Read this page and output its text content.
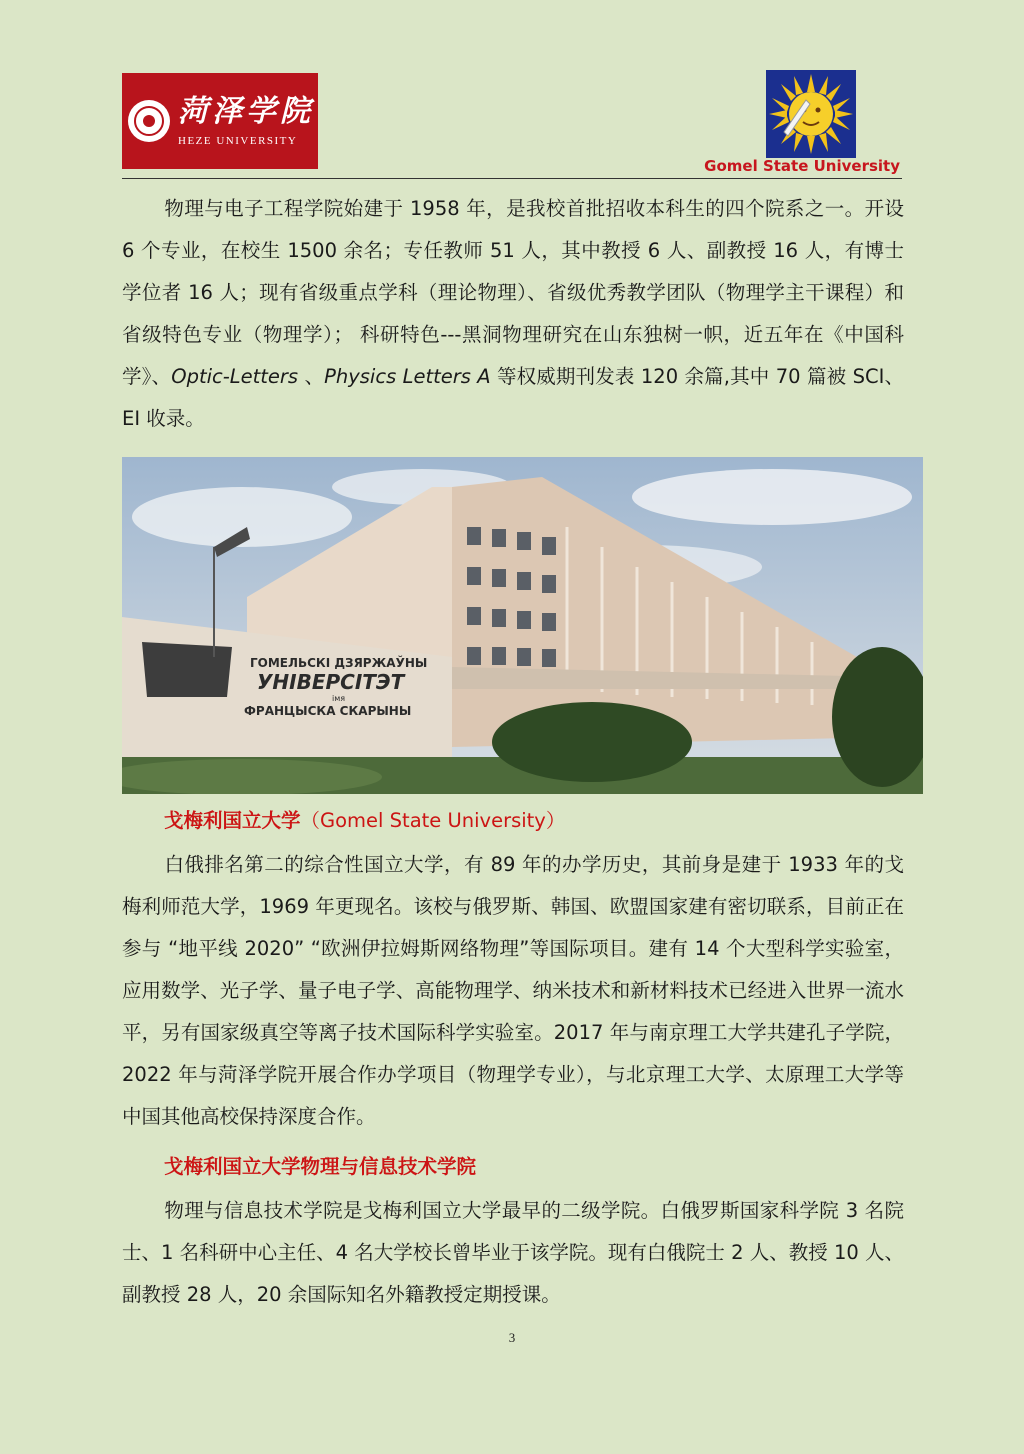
菏泽学院
HEZE UNIVERSITY
Gomel State University
物理与电子工程学院始建于 1958 年，是我校首批招收本科生的四个院系之一。开设 6 个专业，在校生 1500 余名；专任教师 51 人，其中教授 6 人、副教授 16 人，有博士学位者 16 人；现有省级重点学科（理论物理）、省级优秀教学团队（物理学主干课程）和省级特色专业（物理学）； 科研特色---黑洞物理研究在山东独树一帜，近五年在《中国科学》、Optic-Letters 、Physics Letters A 等权威期刊发表 120 余篇,其中 70 篇被 SCI、EI 收录。
ГОМЕЛЬСКІ ДЗЯРЖАЎНЫ
УНІВЕРСІТЭТ
імя
ФРАНЦЫСКА СКАРЫНЫ
戈梅利国立大学（Gomel State University）
白俄排名第二的综合性国立大学，有 89 年的办学历史，其前身是建于 1933 年的戈梅利师范大学，1969 年更现名。该校与俄罗斯、韩国、欧盟国家建有密切联系，目前正在参与 “地平线 2020” “欧洲伊拉姆斯网络物理”等国际项目。建有 14 个大型科学实验室，应用数学、光子学、量子电子学、高能物理学、纳米技术和新材料技术已经进入世界一流水平，另有国家级真空等离子技术国际科学实验室。2017 年与南京理工大学共建孔子学院，2022 年与菏泽学院开展合作办学项目（物理学专业），与北京理工大学、太原理工大学等中国其他高校保持深度合作。
戈梅利国立大学物理与信息技术学院
物理与信息技术学院是戈梅利国立大学最早的二级学院。白俄罗斯国家科学院 3 名院士、1 名科研中心主任、4 名大学校长曾毕业于该学院。现有白俄院士 2 人、教授 10 人、副教授 28 人，20 余国际知名外籍教授定期授课。
3
